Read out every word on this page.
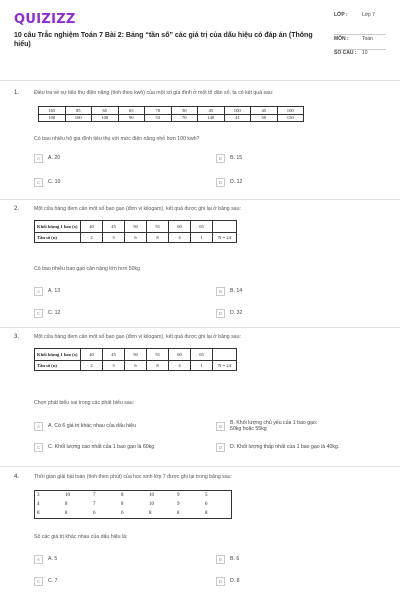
QUIZIZZ
10 câu Trắc nghiệm Toán 7 Bài 2: Bảng “tần số” các giá trị của dấu hiệu có đáp án (Thông hiểu)
LỚP :	Lớp 7
MÔN :	Toán
SỐ CÂU :	10
1.	Điều tra về sự tiêu thụ điện năng (tính theo kwh) của một số gia đình ở một tổ dân số, ta có kết quả sau:
165	85	65	65	70	50	45	100	45	100
100	100	100	90	53	70	140	41	50	150
Có bao nhiêu hộ gia đình tiêu thụ với mức điện năng nhỏ hơn 100 kwh?
A	A. 20	B	B. 15
C	C. 10	D	D. 12
2.	Một cửa hàng đem cân một số bao gạo (đơn vị kilogam), kết quả được ghi lại ở bảng sau:
Khối lượng 1 bao (x)	40	45	50	55	60	65	
Tần số (n)	2	3	6	8	4	1	N = 24
Có bao nhiêu bao gạo cân nặng lớn hơn 50kg
A	A. 13	B	B. 14
C	C. 12	D	D. 32
3.	Một cửa hàng đem cân một số bao gạo (đơn vị kilogam), kết quả được ghi lại ở bảng sau:
Khối lượng 1 bao (x)	40	45	50	55	60	65	
Tần số (n)	2	3	6	8	4	1	N = 24
Chọn phát biểu sai trong các phát biểu sau:
A	A. Có 6 giá trị khác nhau của dấu hiệu	B	B. Khối lượng chủ yếu của 1 bao gạo: 50kg hoặc 55kg
C	C. Khối lượng cao nhất của 1 bao gạo là 60kg	D	D. Khối lượng thấp nhất của 1 bao gạo là 40kg.
4.	Thời gian giải bài toán (tính theo phút) của học sinh lớp 7 được ghi lại trong bảng sau:
3	10	7	8	10	9	5
4	8	7	8	10	9	6
8	8	6	6	8	8	8
Số các giá trị khác nhau của dấu hiệu là:
A	A. 5	B	B. 6
C	C. 7	D	D. 8
